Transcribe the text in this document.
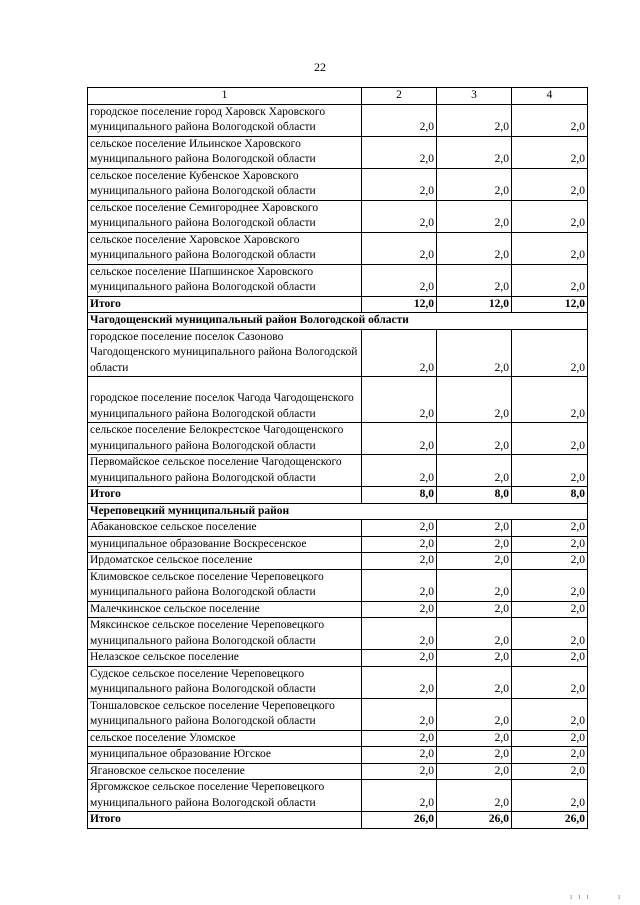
22
1	2	3	4

городское поселение город Харовск Харовского
муниципального района Вологодской области	2,0	2,0	2,0

сельское поселение Ильинское Харовского
муниципального района Вологодской области	2,0	2,0	2,0

сельское поселение Кубенское Харовского
муниципального района Вологодской области	2,0	2,0	2,0

сельское поселение Семигороднее Харовского
муниципального района Вологодской области	2,0	2,0	2,0

сельское поселение Харовское Харовского
муниципального района Вологодской области	2,0	2,0	2,0

сельское поселение Шапшинское Харовского
муниципального района Вологодской области	2,0	2,0	2,0
Итого	12,0	12,0	12,0
Чагодощенский муниципальный район Вологодской области			

городское поселение поселок Сазоново
Чагодощенского муниципального района Вологодской
области	2,0	2,0	2,0

городское поселение поселок Чагода Чагодощенского
муниципального района Вологодской области	2,0	2,0	2,0

сельское поселение Белокрестское Чагодощенского
муниципального района Вологодской области	2,0	2,0	2,0

Первомайское сельское поселение Чагодощенского
муниципального района Вологодской области	2,0	2,0	2,0
Итого	8,0	8,0	8,0
Череповецкий муниципальный район			

Абакановское сельское поселение	2,0	2,0	2,0

муниципальное образование Воскресенское	2,0	2,0	2,0

Ирдоматское сельское поселение	2,0	2,0	2,0

Климовское сельское поселение Череповецкого
муниципального района Вологодской области	2,0	2,0	2,0

Малечкинское сельское поселение	2,0	2,0	2,0

Мяксинское сельское поселение Череповецкого
муниципального района Вологодской области	2,0	2,0	2,0

Нелазское сельское поселение	2,0	2,0	2,0

Судское сельское поселение Череповецкого
муниципального района Вологодской области	2,0	2,0	2,0

Тоншаловское сельское поселение Череповецкого
муниципального района Вологодской области	2,0	2,0	2,0

сельское поселение Уломское	2,0	2,0	2,0

муниципальное образование Югское	2,0	2,0	2,0

Ягановское сельское поселение	2,0	2,0	2,0

Яргомжское сельское поселение Череповецкого
муниципального района Вологодской области	2,0	2,0	2,0
Итого	26,0	26,0	26,0
ı ı ı	ı
